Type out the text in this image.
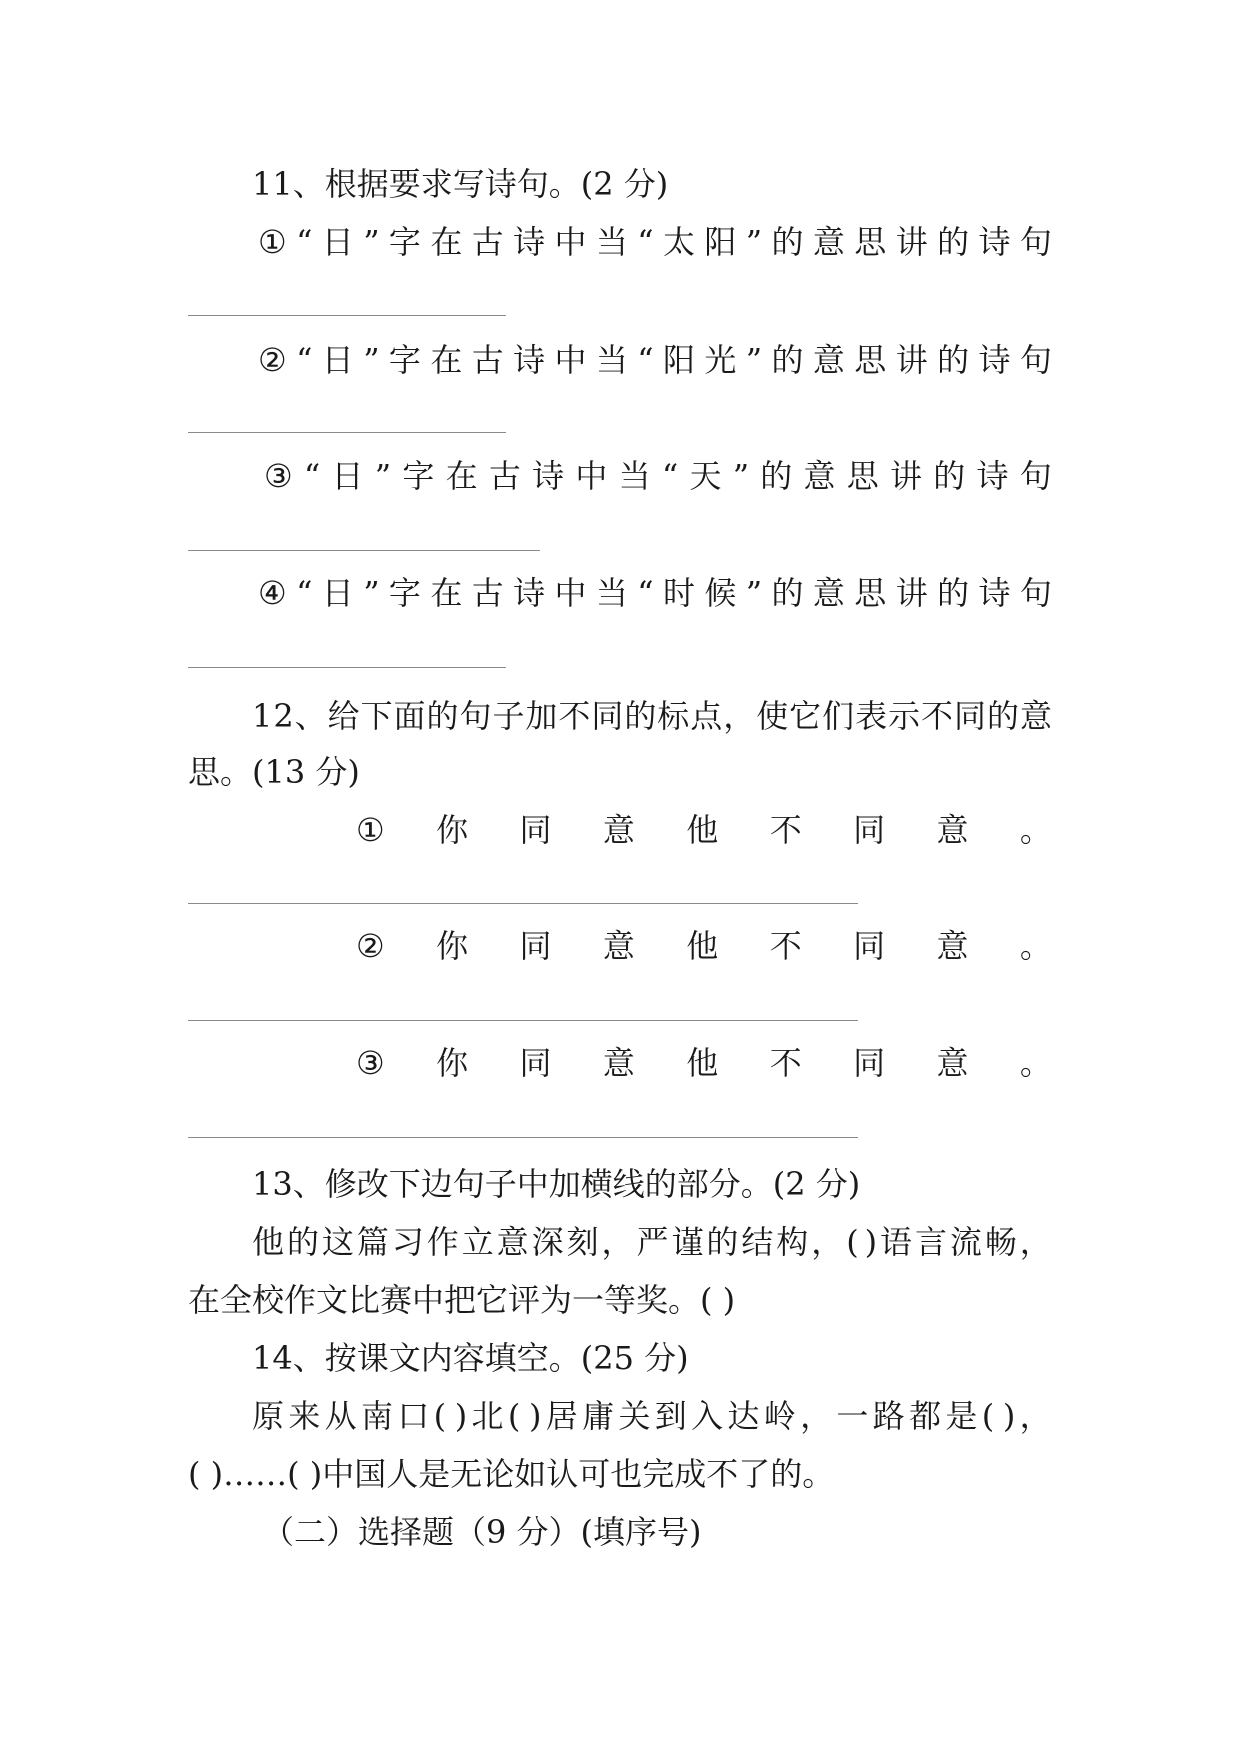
11、根据要求写诗句。(2 分)
① “ 日 ” 字 在 古 诗 中 当 “ 太 阳 ” 的 意 思 讲 的 诗 句
② “ 日 ” 字 在 古 诗 中 当 “ 阳 光 ” 的 意 思 讲 的 诗 句
③ “ 日 ” 字 在 古 诗 中 当 “ 天 ” 的 意 思 讲 的 诗 句
④ “ 日 ” 字 在 古 诗 中 当 “ 时 候 ” 的 意 思 讲 的 诗 句
1 2 、 给 下 面 的 句 子 加 不 同 的 标 点 ， 使 它 们 表 示 不 同 的 意
思。(13 分)
① 你 同 意 他 不 同 意 。
② 你 同 意 他 不 同 意 。
③ 你 同 意 他 不 同 意 。
13、修改下边句子中加横线的部分。(2 分)
他 的 这 篇 习 作 立 意 深 刻 ， 严 谨 的 结 构 ， ( ) 语 言 流 畅 ，
在全校作文比赛中把它评为一等奖。( )
14、按课文内容填空。(25 分)
原 来 从 南 口 ( ) 北 ( ) 居 庸 关 到 入 达 岭 ， 一 路 都 是 ( ) ，
( )……( )中国人是无论如认可也完成不了的。
（二）选择题（9 分）(填序号)
